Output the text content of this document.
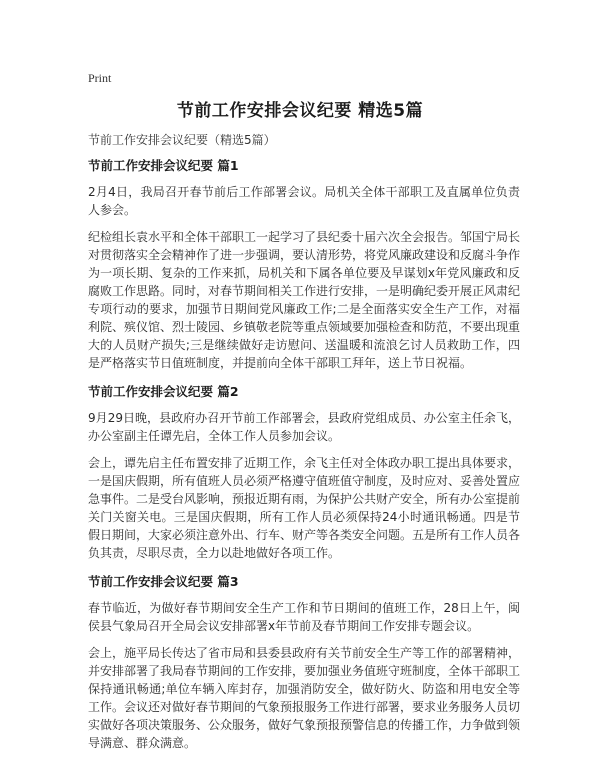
Print
节前工作安排会议纪要 精选5篇
节前工作安排会议纪要（精选5篇）
节前工作安排会议纪要 篇1

2月4日，我局召开春节前后工作部署会议。局机关全体干部职工及直属单位负责人参会。

纪检组长袁水平和全体干部职工一起学习了县纪委十届六次全会报告。邹国宁局长对贯彻落实全会精神作了进一步强调，要认清形势，将党风廉政建设和反腐斗争作为一项长期、复杂的工作来抓，局机关和下属各单位要及早谋划x年党风廉政和反腐败工作思路。同时，对春节期间相关工作进行安排，一是明确纪委开展正风肃纪专项行动的要求，加强节日期间党风廉政工作;二是全面落实安全生产工作，对福利院、殡仪馆、烈士陵园、乡镇敬老院等重点领域要加强检查和防范，不要出现重大的人员财产损失;三是继续做好走访慰问、送温暖和流浪乞讨人员救助工作，四是严格落实节日值班制度，并提前向全体干部职工拜年，送上节日祝福。

节前工作安排会议纪要 篇2

9月29日晚，县政府办召开节前工作部署会，县政府党组成员、办公室主任余飞，办公室副主任谭先启，全体工作人员参加会议。

会上，谭先启主任布置安排了近期工作，余飞主任对全体政办职工提出具体要求，一是国庆假期，所有值班人员必须严格遵守值班值守制度，及时应对、妥善处置应急事件。二是受台风影响，预报近期有雨，为保护公共财产安全，所有办公室提前关门关窗关电。三是国庆假期，所有工作人员必须保持24小时通讯畅通。四是节假日期间，大家必须注意外出、行车、财产等各类安全问题。五是所有工作人员各负其责，尽职尽责，全力以赴地做好各项工作。

节前工作安排会议纪要 篇3

春节临近，为做好春节期间安全生产工作和节日期间的值班工作，28日上午，闽侯县气象局召开全局会议安排部署x年节前及春节期间工作安排专题会议。

会上，施平局长传达了省市局和县委县政府有关节前安全生产等工作的部署精神，并安排部署了我局春节期间的工作安排，要加强业务值班守班制度，全体干部职工保持通讯畅通;单位车辆入库封存，加强消防安全，做好防火、防盗和用电安全等工作。会议还对做好春节期间的气象预报服务工作进行部署，要求业务服务人员切实做好各项决策服务、公众服务，做好气象预报预警信息的传播工作，力争做到领导满意、群众满意。
